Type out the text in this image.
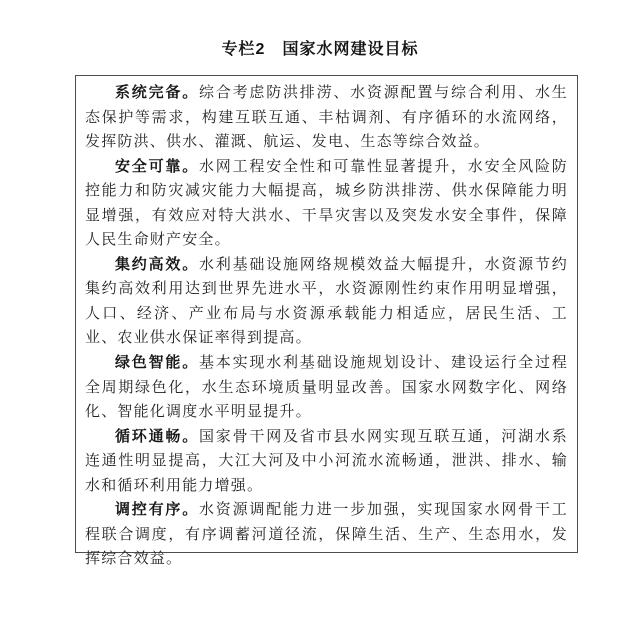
专栏2　国家水网建设目标

系统完备。综合考虑防洪排涝、水资源配置与综合利用、水生态保护等需求，构建互联互通、丰枯调剂、有序循环的水流网络，发挥防洪、供水、灌溉、航运、发电、生态等综合效益。

安全可靠。水网工程安全性和可靠性显著提升，水安全风险防控能力和防灾减灾能力大幅提高，城乡防洪排涝、供水保障能力明显增强，有效应对特大洪水、干旱灾害以及突发水安全事件，保障人民生命财产安全。

集约高效。水利基础设施网络规模效益大幅提升，水资源节约集约高效利用达到世界先进水平，水资源刚性约束作用明显增强，人口、经济、产业布局与水资源承载能力相适应，居民生活、工业、农业供水保证率得到提高。

绿色智能。基本实现水利基础设施规划设计、建设运行全过程全周期绿色化，水生态环境质量明显改善。国家水网数字化、网络化、智能化调度水平明显提升。

循环通畅。国家骨干网及省市县水网实现互联互通，河湖水系连通性明显提高，大江大河及中小河流水流畅通，泄洪、排水、输水和循环利用能力增强。

调控有序。水资源调配能力进一步加强，实现国家水网骨干工程联合调度，有序调蓄河道径流，保障生活、生产、生态用水，发挥综合效益。
